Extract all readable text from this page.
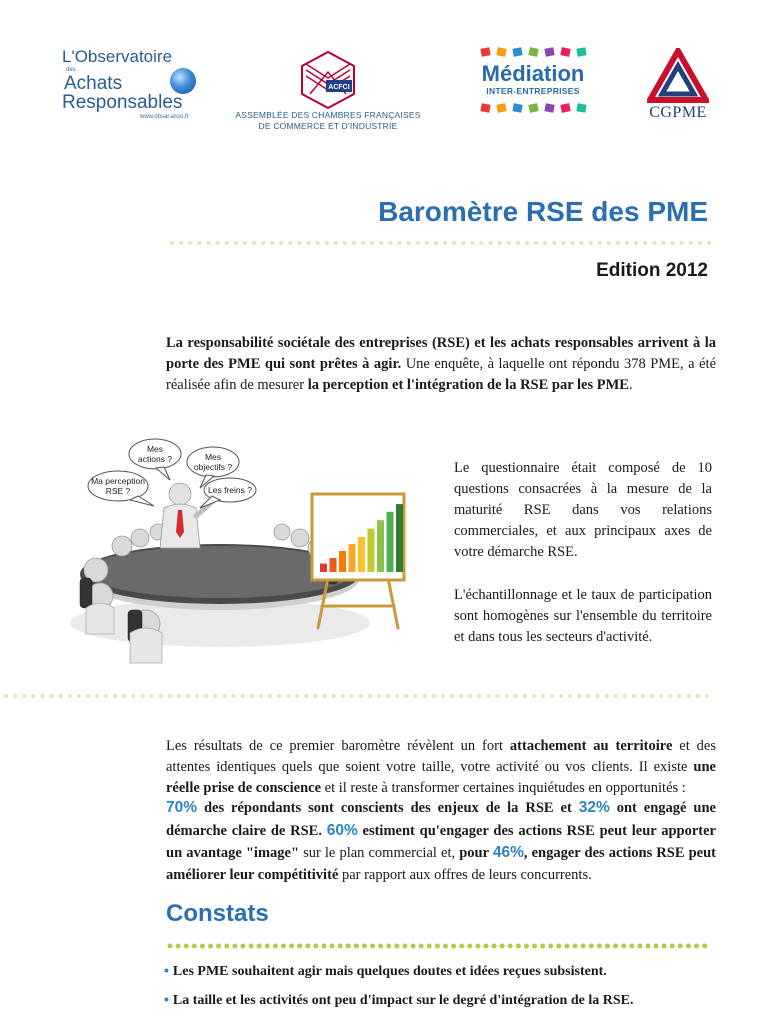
L'Observatoire
des
Achats
Responsables
www.obsar.asso.fr
ACFCI
ASSEMBLÉE DES CHAMBRES FRANÇAISES
DE COMMERCE ET D'INDUSTRIE
Médiation
INTER-ENTREPRISES
CGPME
Baromètre RSE des PME
Edition 2012
La responsabilité sociétale des entreprises (RSE) et les achats responsables arrivent à la porte des PME qui sont prêtes à agir. Une enquête, à laquelle ont répondu 378 PME, a été réalisée afin de mesurer la perception et l'intégration de la RSE par les PME.
Mes
actions ?	Mes
objectifs ?
Ma perception
RSE ?	Les freins ?
Le questionnaire était composé de 10 questions consacrées à la mesure de la maturité RSE dans vos relations commerciales, et aux principaux axes de votre démarche RSE.
L'échantillonnage et le taux de participation sont homogènes sur l'ensemble du territoire et dans tous les secteurs d'activité.
Les résultats de ce premier baromètre révèlent un fort attachement au territoire et des attentes identiques quels que soient votre taille, votre activité ou vos clients. Il existe une réelle prise de conscience et il reste à transformer certaines inquiétudes en opportunités :
70% des répondants sont conscients des enjeux de la RSE et 32% ont engagé une démarche claire de RSE. 60% estiment qu'engager des actions RSE peut leur apporter un avantage "image" sur le plan commercial et, pour 46%, engager des actions RSE peut améliorer leur compétitivité par rapport aux offres de leurs concurrents.
Constats
• Les PME souhaitent agir mais quelques doutes et idées reçues subsistent.
• La taille et les activités ont peu d'impact sur le degré d'intégration de la RSE.
